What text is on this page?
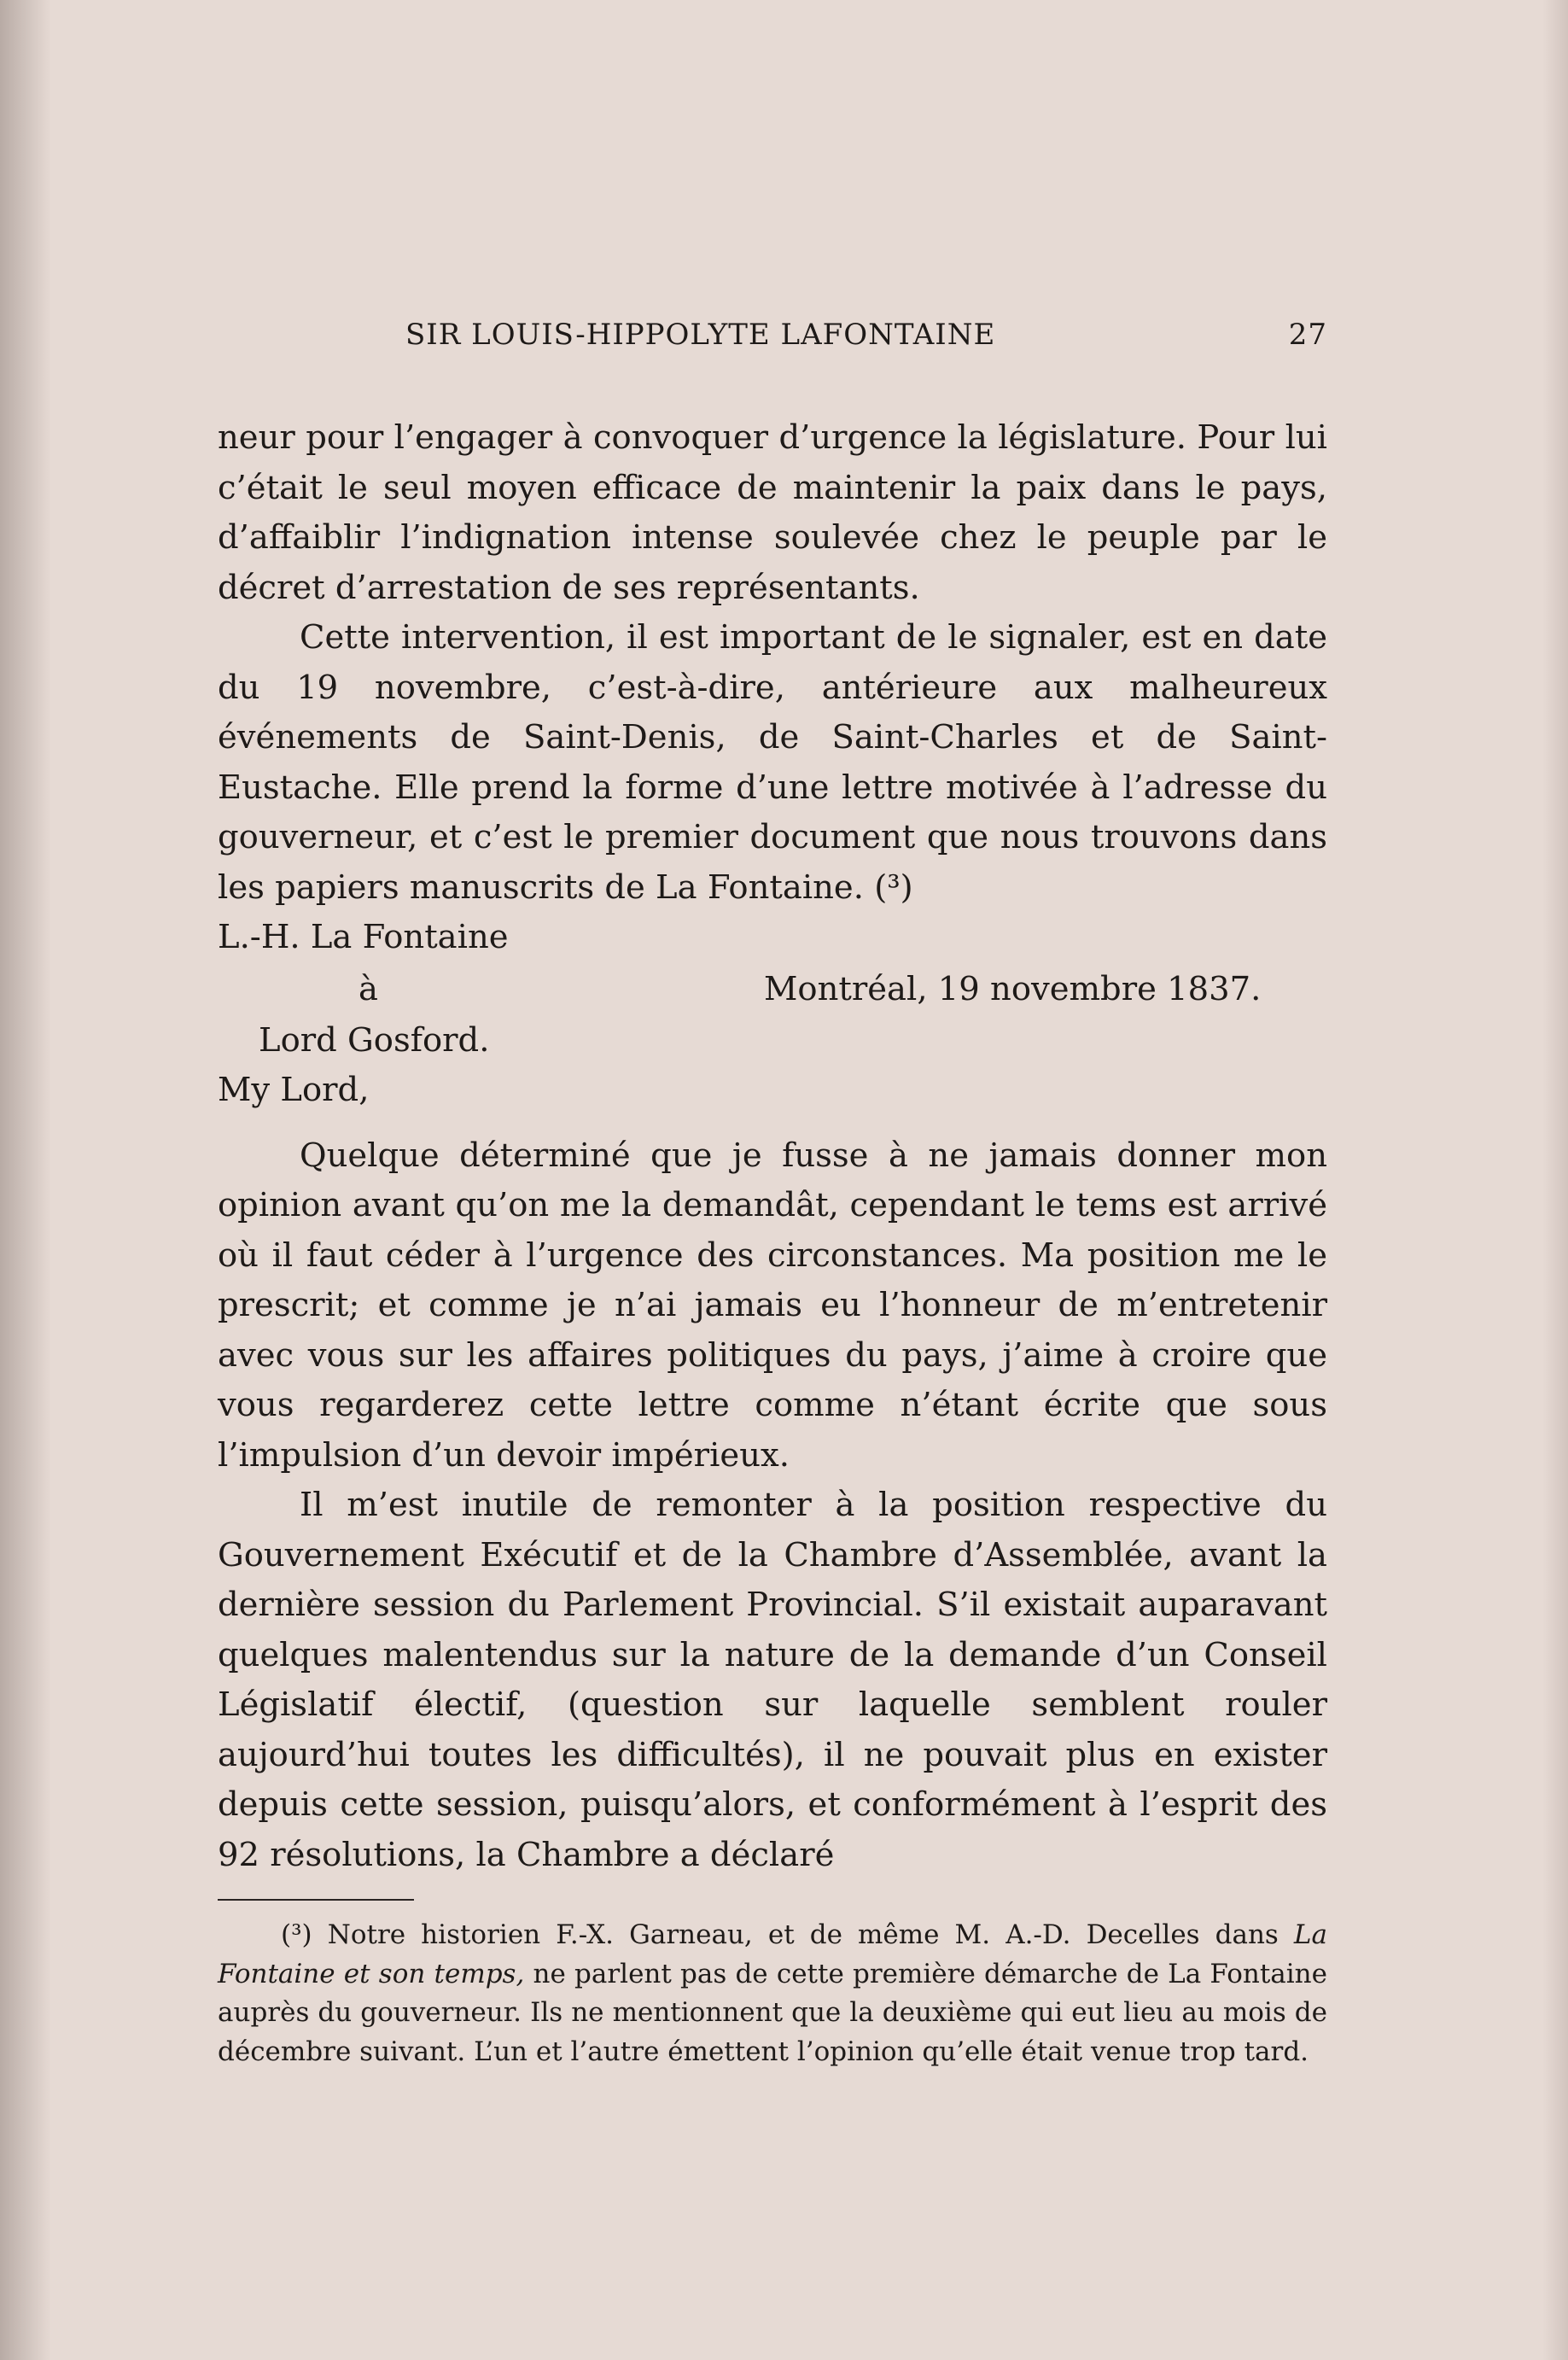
SIR LOUIS-HIPPOLYTE LAFONTAINE	27

neur pour l’engager à convoquer d’urgence la législature. Pour lui c’était le seul moyen efficace de maintenir la paix dans le pays, d’affaiblir l’indignation intense soulevée chez le peuple par le décret d’arrestation de ses représentants.

Cette intervention, il est important de le signaler, est en date du 19 novembre, c’est-à-dire, antérieure aux malheureux événements de Saint-Denis, de Saint-Charles et de Saint-Eustache. Elle prend la forme d’une lettre motivée à l’adresse du gouverneur, et c’est le premier document que nous trouvons dans les papiers manuscrits de La Fontaine. (³)

L.-H. La Fontaine
à	Montréal, 19 novembre 1837.
Lord Gosford.
My Lord,

Quelque déterminé que je fusse à ne jamais donner mon opinion avant qu’on me la demandât, cependant le tems est arrivé où il faut céder à l’urgence des circonstances. Ma position me le prescrit; et comme je n’ai jamais eu l’honneur de m’entretenir avec vous sur les affaires politiques du pays, j’aime à croire que vous regarderez cette lettre comme n’étant écrite que sous l’impulsion d’un devoir impérieux.

Il m’est inutile de remonter à la position respective du Gouvernement Exécutif et de la Chambre d’Assemblée, avant la dernière session du Parlement Provincial. S’il existait auparavant quelques malentendus sur la nature de la demande d’un Conseil Législatif électif, (question sur laquelle semblent rouler aujourd’hui toutes les difficultés), il ne pouvait plus en exister depuis cette session, puisqu’alors, et conformément à l’esprit des 92 résolutions, la Chambre a déclaré

(³) Notre historien F.-X. Garneau, et de même M. A.-D. Decelles dans La Fontaine et son temps, ne parlent pas de cette première démarche de La Fontaine auprès du gouverneur. Ils ne mentionnent que la deuxième qui eut lieu au mois de décembre suivant. L’un et l’autre émettent l’opinion qu’elle était venue trop tard.
